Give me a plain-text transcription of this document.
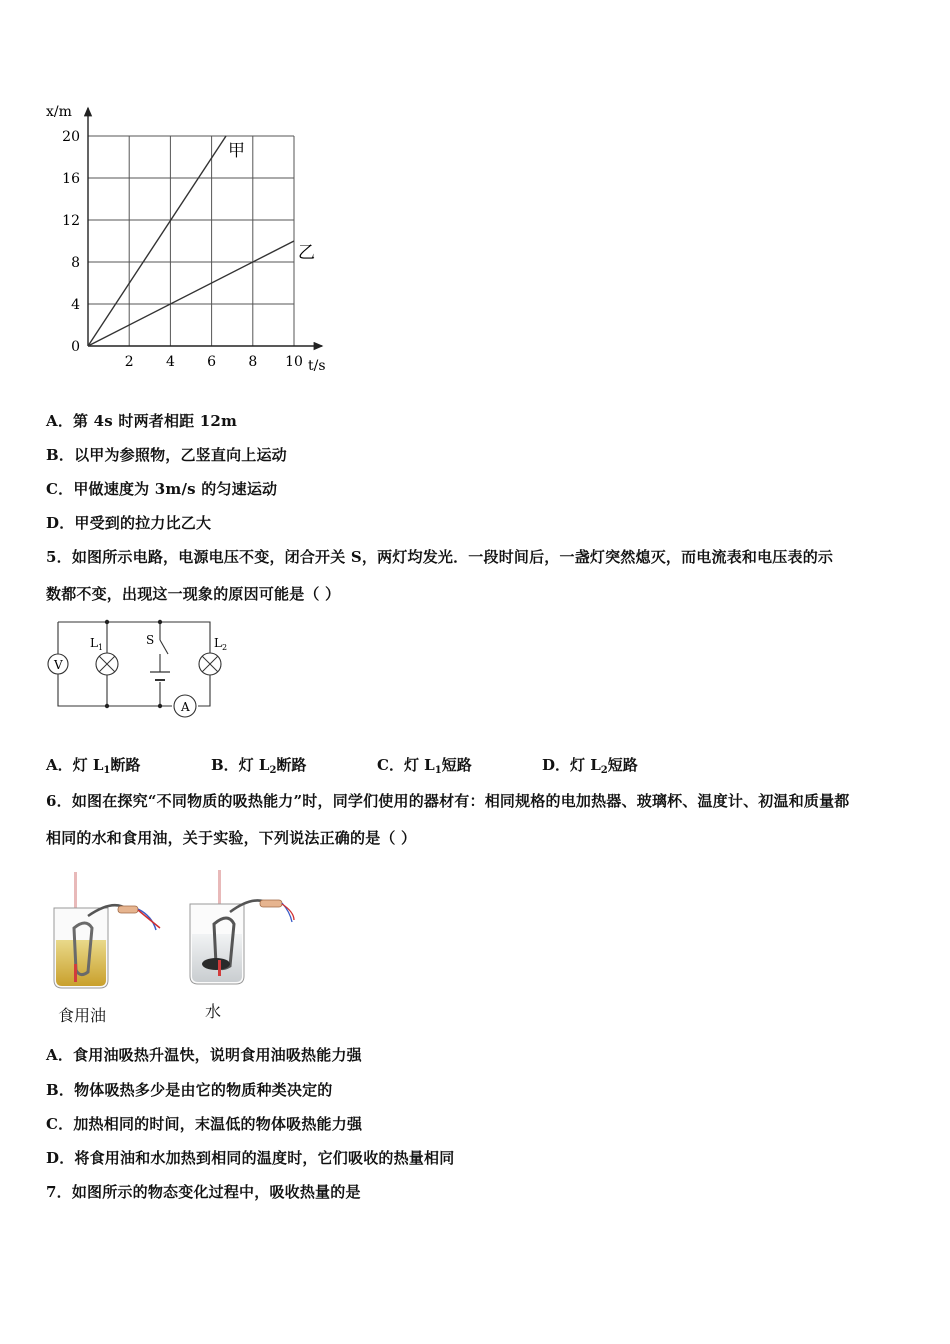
0
4
8
12
16
20
2 4 6 8 10
x/m
t/s
甲
乙
A．第 4s 时两者相距 12m
B．以甲为参照物，乙竖直向上运动
C．甲做速度为 3m/s 的匀速运动
D．甲受到的拉力比乙大
5．如图所示电路，电源电压不变，闭合开关 S，两灯均发光．一段时间后，一盏灯突然熄灭，而电流表和电压表的示
数都不变，出现这一现象的原因可能是（ ）
V
$L_1$	$L_2$
S
A
A．灯 $L_1$断路	B．灯 $L_2$断路	C．灯 $L_1$短路	D．灯 $L_2$短路
6．如图在探究“不同物质的吸热能力”时，同学们使用的器材有：相同规格的电加热器、玻璃杯、温度计、初温和质量都
相同的水和食用油，关于实验，下列说法正确的是（ ）
食用油	水
A．食用油吸热升温快，说明食用油吸热能力强
B．物体吸热多少是由它的物质种类决定的
C．加热相同的时间，末温低的物体吸热能力强
D．将食用油和水加热到相同的温度时，它们吸收的热量相同
7．如图所示的物态变化过程中，吸收热量的是
